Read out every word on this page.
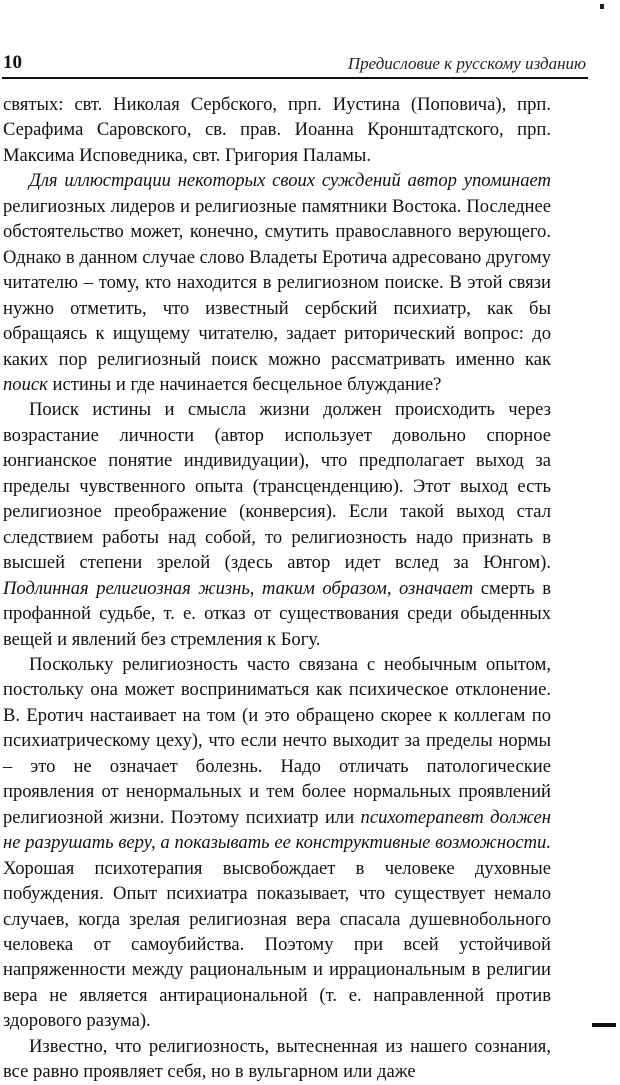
10	Предисловие к русскому изданию

святых: свт. Николая Сербского, прп. Иустина (Поповича), прп. Серафима Саровского, св. прав. Иоанна Кронштадтского, прп. Максима Исповедника, свт. Григория Паламы.

Для иллюстрации некоторых своих суждений автор упоминает религиозных лидеров и религиозные памятники Востока. Последнее обстоятельство может, конечно, смутить православного верующего. Однако в данном случае слово Владеты Еротича адресовано другому читателю – тому, кто находится в религиозном поиске. В этой связи нужно отметить, что известный сербский психиатр, как бы обращаясь к ищущему читателю, задает риторический вопрос: до каких пор религиозный поиск можно рассматривать именно как поиск истины и где начинается бесцельное блуждание?

Поиск истины и смысла жизни должен происходить через возрастание личности (автор использует довольно спорное юнгианское понятие индивидуации), что предполагает выход за пределы чувственного опыта (трансценденцию). Этот выход есть религиозное преображение (конверсия). Если такой выход стал следствием работы над собой, то религиозность надо признать в высшей степени зрелой (здесь автор идет вслед за Юнгом). Подлинная религиозная жизнь, таким образом, означает смерть в профанной судьбе, т. е. отказ от существования среди обыденных вещей и явлений без стремления к Богу.

Поскольку религиозность часто связана с необычным опытом, постольку она может восприниматься как психическое отклонение. В. Еротич настаивает на том (и это обращено скорее к коллегам по психиатрическому цеху), что если нечто выходит за пределы нормы – это не означает болезнь. Надо отличать патологические проявления от ненормальных и тем более нормальных проявлений религиозной жизни. Поэтому психиатр или психотерапевт должен не разрушать веру, а показывать ее конструктивные возможности. Хорошая психотерапия высвобождает в человеке духовные побуждения. Опыт психиатра показывает, что существует немало случаев, когда зрелая религиозная вера спасала душевнобольного человека от самоубийства. Поэтому при всей устойчивой напряженности между рациональным и иррациональным в религии вера не является антирациональной (т. е. направленной против здорового разума).

Известно, что религиозность, вытесненная из нашего сознания, все равно проявляет себя, но в вульгарном или даже
